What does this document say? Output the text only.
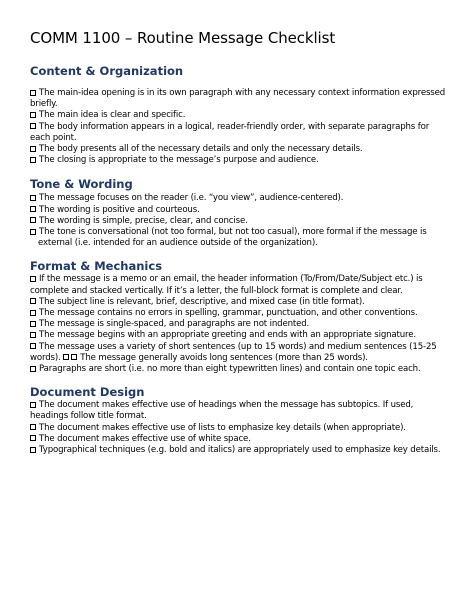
COMM 1100 – Routine Message Checklist
Content & Organization
The main-idea opening is in its own paragraph with any necessary context information expressed briefly.
The main idea is clear and specific.
The body information appears in a logical, reader-friendly order, with separate paragraphs for each point.
The body presents all of the necessary details and only the necessary details.
The closing is appropriate to the message’s purpose and audience.
Tone & Wording
The message focuses on the reader (i.e. “you view”, audience-centered).
The wording is positive and courteous.
The wording is simple, precise, clear, and concise.
The tone is conversational (not too formal, but not too casual), more formal if the message is external (i.e. intended for an audience outside of the organization).
Format & Mechanics
If the message is a memo or an email, the header information (To/From/Date/Subject etc.) is complete and stacked vertically. If it’s a letter, the full-block format is complete and clear.
The subject line is relevant, brief, descriptive, and mixed case (in title format).
The message contains no errors in spelling, grammar, punctuation, and other conventions.
The message is single-spaced, and paragraphs are not indented.
The message begins with an appropriate greeting and ends with an appropriate signature.
The message uses a variety of short sentences (up to 15 words) and medium sentences (15-25 words). The message generally avoids long sentences (more than 25 words).
Paragraphs are short (i.e. no more than eight typewritten lines) and contain one topic each.
Document Design
The document makes effective use of headings when the message has subtopics. If used, headings follow title format.
The document makes effective use of lists to emphasize key details (when appropriate).
The document makes effective use of white space.
Typographical techniques (e.g. bold and italics) are appropriately used to emphasize key details.
